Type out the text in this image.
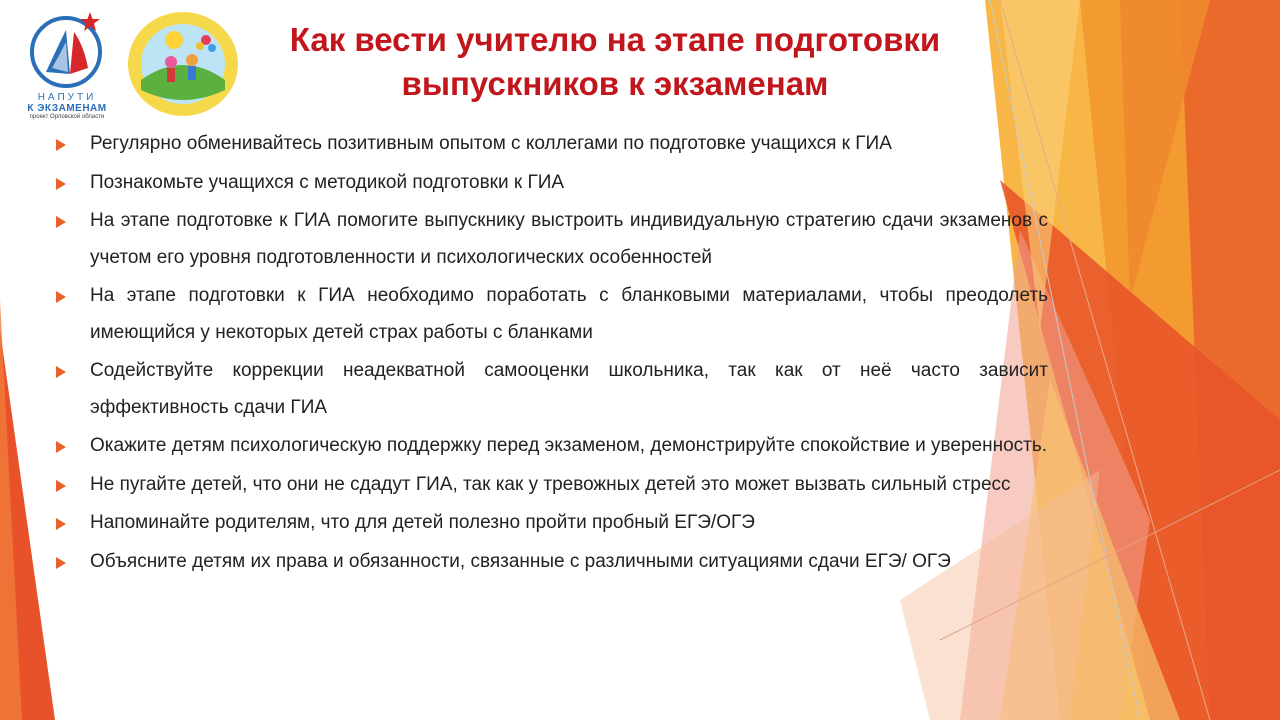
НАПУТИ
К ЭКЗАМЕНАМ
проект Орловской области
Как вести учителю на этапе подготовки
выпускников к экзаменам
Регулярно обменивайтесь позитивным опытом с коллегами по подготовке учащихся к ГИА
Познакомьте учащихся с методикой подготовки к ГИА
На этапе подготовке к ГИА помогите выпускнику выстроить индивидуальную стратегию сдачи экзаменов с учетом его уровня подготовленности и психологических особенностей
На этапе подготовки к ГИА необходимо поработать с бланковыми материалами, чтобы преодолеть имеющийся у некоторых детей страх работы с бланками
Содействуйте коррекции неадекватной самооценки школьника, так как от неё часто зависит эффективность сдачи ГИА
Окажите детям психологическую поддержку перед экзаменом, демонстрируйте спокойствие и уверенность.
Не пугайте детей, что они не сдадут ГИА, так как у тревожных детей это может вызвать сильный стресс
Напоминайте родителям, что для детей полезно пройти пробный ЕГЭ/ОГЭ
Объясните детям их права и обязанности, связанные с различными ситуациями сдачи ЕГЭ/ ОГЭ
